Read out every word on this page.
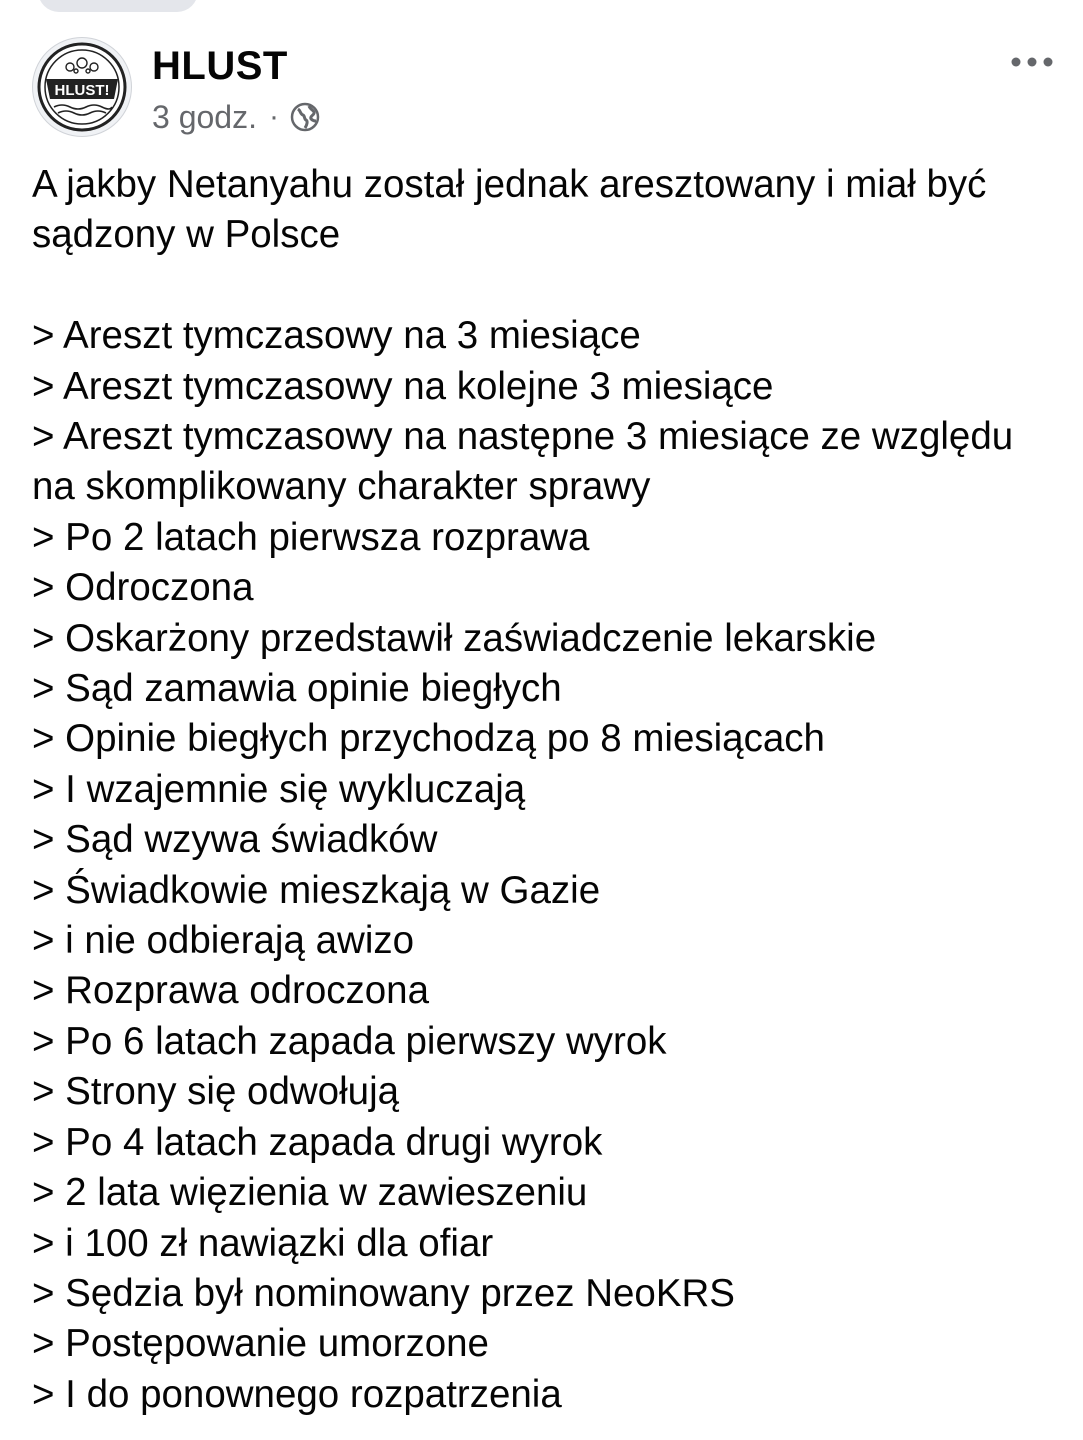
HLUST!
HLUST
3 godz. ·

A jakby Netanyahu został jednak aresztowany i miał być sądzony w Polsce

> Areszt tymczasowy na 3 miesiące
> Areszt tymczasowy na kolejne 3 miesiące
> Areszt tymczasowy na następne 3 miesiące ze względu na skomplikowany charakter sprawy
> Po 2 latach pierwsza rozprawa
> Odroczona
> Oskarżony przedstawił zaświadczenie lekarskie
> Sąd zamawia opinie biegłych
> Opinie biegłych przychodzą po 8 miesiącach
> I wzajemnie się wykluczają
> Sąd wzywa świadków
> Świadkowie mieszkają w Gazie
> i nie odbierają awizo
> Rozprawa odroczona
> Po 6 latach zapada pierwszy wyrok
> Strony się odwołują
> Po 4 latach zapada drugi wyrok
> 2 lata więzienia w zawieszeniu
> i 100 zł nawiązki dla ofiar
> Sędzia był nominowany przez NeoKRS
> Postępowanie umorzone
> I do ponownego rozpatrzenia
